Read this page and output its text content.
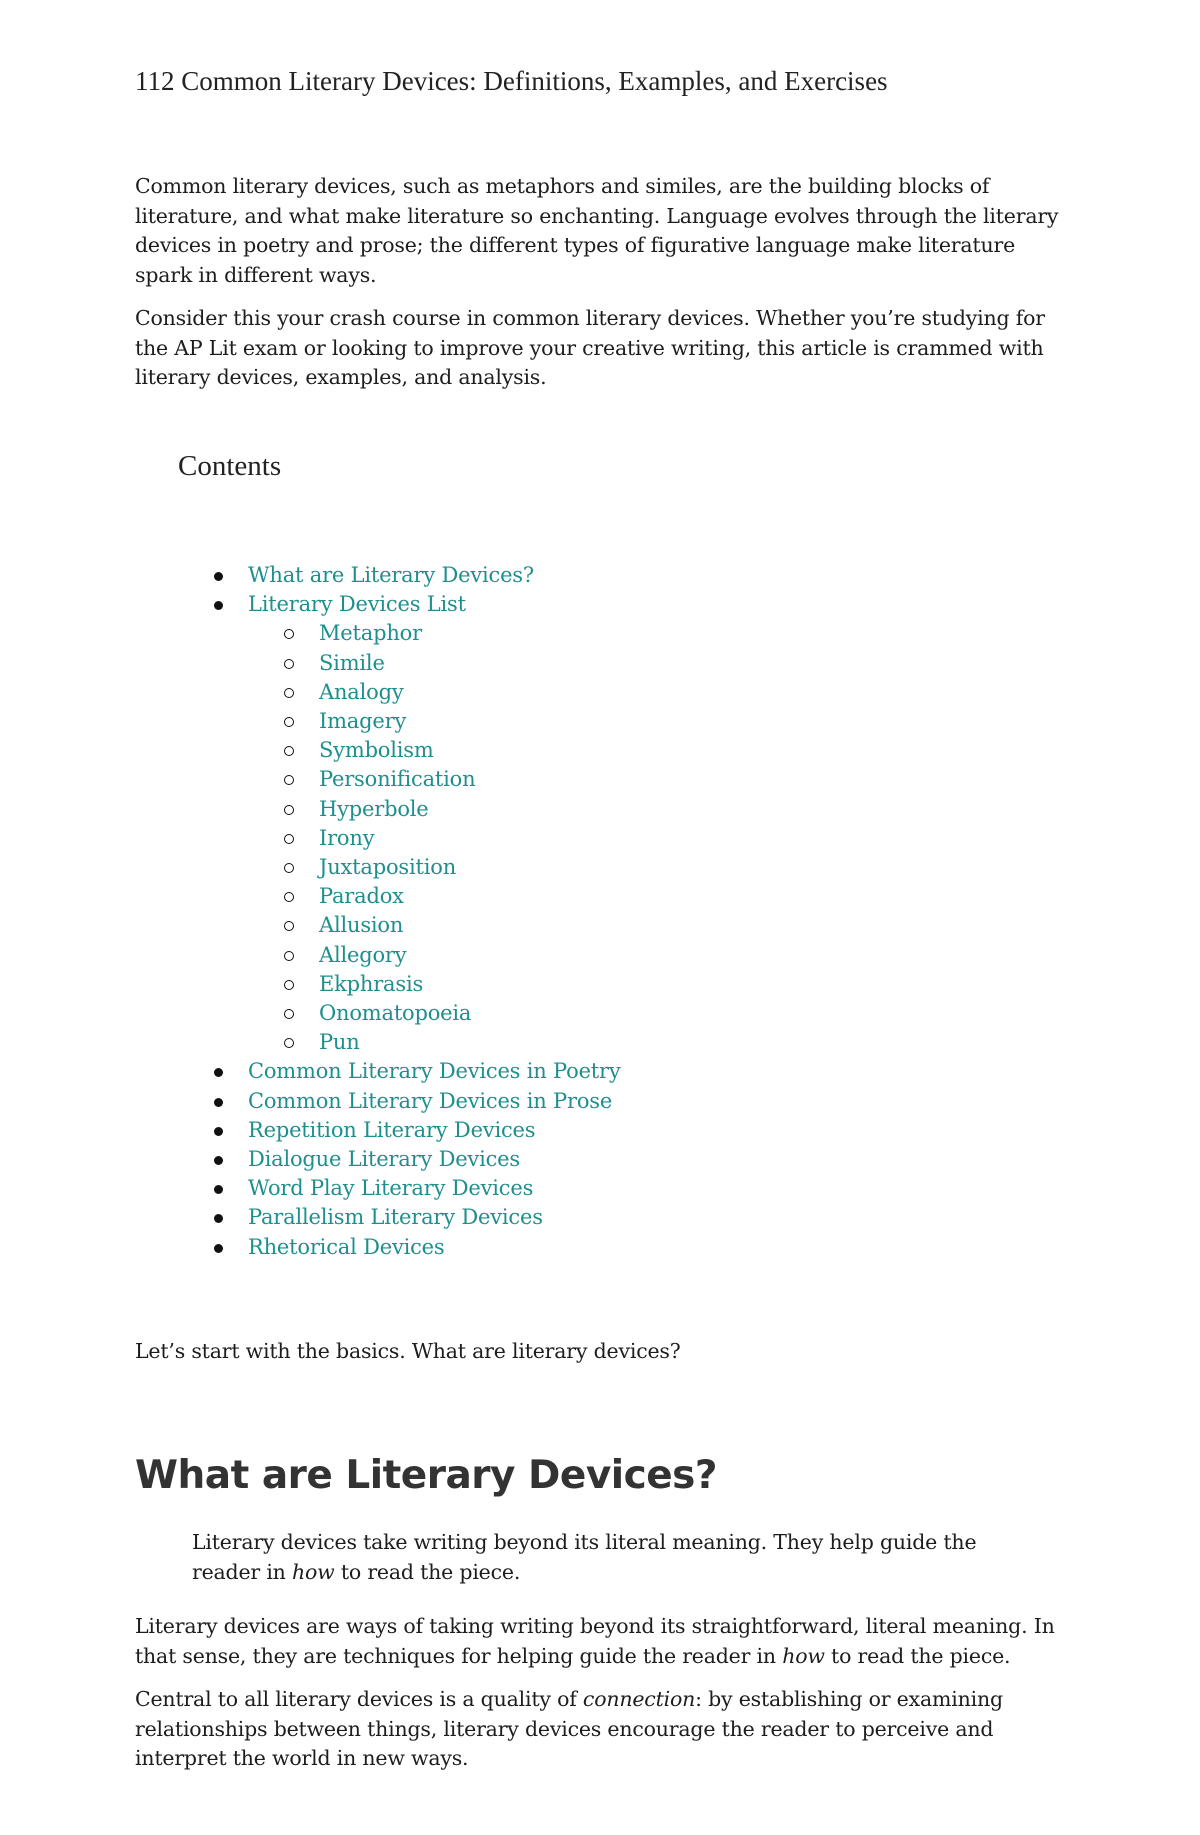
112 Common Literary Devices: Definitions, Examples, and Exercises

Common literary devices, such as metaphors and similes, are the building blocks of literature, and what make literature so enchanting. Language evolves through the literary devices in poetry and prose; the different types of figurative language make literature spark in different ways.

Consider this your crash course in common literary devices. Whether you’re studying for the AP Lit exam or looking to improve your creative writing, this article is crammed with literary devices, examples, and analysis.

Contents
What are Literary Devices?
Literary Devices List
Metaphor
Simile
Analogy
Imagery
Symbolism
Personification
Hyperbole
Irony
Juxtaposition
Paradox
Allusion
Allegory
Ekphrasis
Onomatopoeia
Pun
Common Literary Devices in Poetry
Common Literary Devices in Prose
Repetition Literary Devices
Dialogue Literary Devices
Word Play Literary Devices
Parallelism Literary Devices
Rhetorical Devices

Let’s start with the basics. What are literary devices?

What are Literary Devices?

Literary devices take writing beyond its literal meaning. They help guide the reader in how to read the piece.

Literary devices are ways of taking writing beyond its straightforward, literal meaning. In that sense, they are techniques for helping guide the reader in how to read the piece.

Central to all literary devices is a quality of connection: by establishing or examining relationships between things, literary devices encourage the reader to perceive and interpret the world in new ways.
